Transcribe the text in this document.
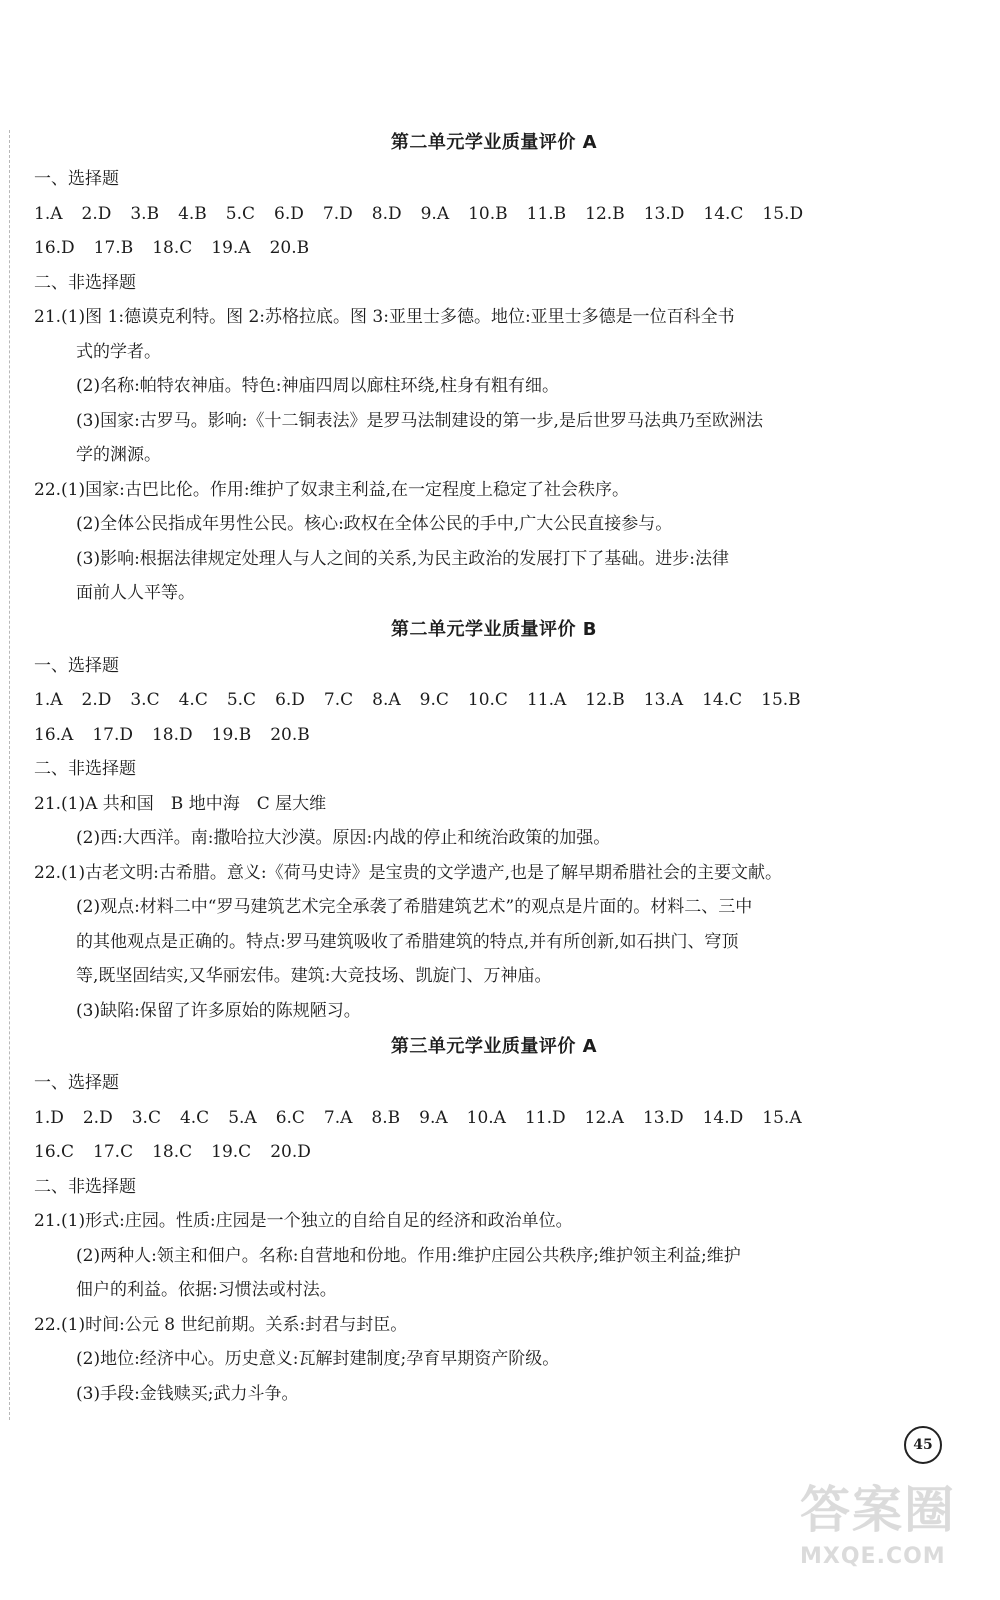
第二单元学业质量评价 A
一、选择题
1.A 2.D 3.B 4.B 5.C 6.D 7.D 8.D 9.A 10.B 11.B 12.B 13.D 14.C 15.D
16.D 17.B 18.C 19.A 20.B
二、非选择题
21.(1)图 1:德谟克利特。图 2:苏格拉底。图 3:亚里士多德。地位:亚里士多德是一位百科全书
式的学者。
(2)名称:帕特农神庙。特色:神庙四周以廊柱环绕,柱身有粗有细。
(3)国家:古罗马。影响:《十二铜表法》是罗马法制建设的第一步,是后世罗马法典乃至欧洲法
学的渊源。
22.(1)国家:古巴比伦。作用:维护了奴隶主利益,在一定程度上稳定了社会秩序。
(2)全体公民指成年男性公民。核心:政权在全体公民的手中,广大公民直接参与。
(3)影响:根据法律规定处理人与人之间的关系,为民主政治的发展打下了基础。进步:法律
面前人人平等。
第二单元学业质量评价 B
一、选择题
1.A 2.D 3.C 4.C 5.C 6.D 7.C 8.A 9.C 10.C 11.A 12.B 13.A 14.C 15.B
16.A 17.D 18.D 19.B 20.B
二、非选择题
21.(1)A 共和国　B 地中海　C 屋大维
(2)西:大西洋。南:撒哈拉大沙漠。原因:内战的停止和统治政策的加强。
22.(1)古老文明:古希腊。意义:《荷马史诗》是宝贵的文学遗产,也是了解早期希腊社会的主要文献。
(2)观点:材料二中“罗马建筑艺术完全承袭了希腊建筑艺术”的观点是片面的。材料二、三中
的其他观点是正确的。特点:罗马建筑吸收了希腊建筑的特点,并有所创新,如石拱门、穹顶
等,既坚固结实,又华丽宏伟。建筑:大竞技场、凯旋门、万神庙。
(3)缺陷:保留了许多原始的陈规陋习。
第三单元学业质量评价 A
一、选择题
1.D 2.D 3.C 4.C 5.A 6.C 7.A 8.B 9.A 10.A 11.D 12.A 13.D 14.D 15.A
16.C 17.C 18.C 19.C 20.D
二、非选择题
21.(1)形式:庄园。性质:庄园是一个独立的自给自足的经济和政治单位。
(2)两种人:领主和佃户。名称:自营地和份地。作用:维护庄园公共秩序;维护领主利益;维护
佃户的利益。依据:习惯法或村法。
22.(1)时间:公元 8 世纪前期。关系:封君与封臣。
(2)地位:经济中心。历史意义:瓦解封建制度;孕育早期资产阶级。
(3)手段:金钱赎买;武力斗争。
45
答案圈
MXQE.COM
